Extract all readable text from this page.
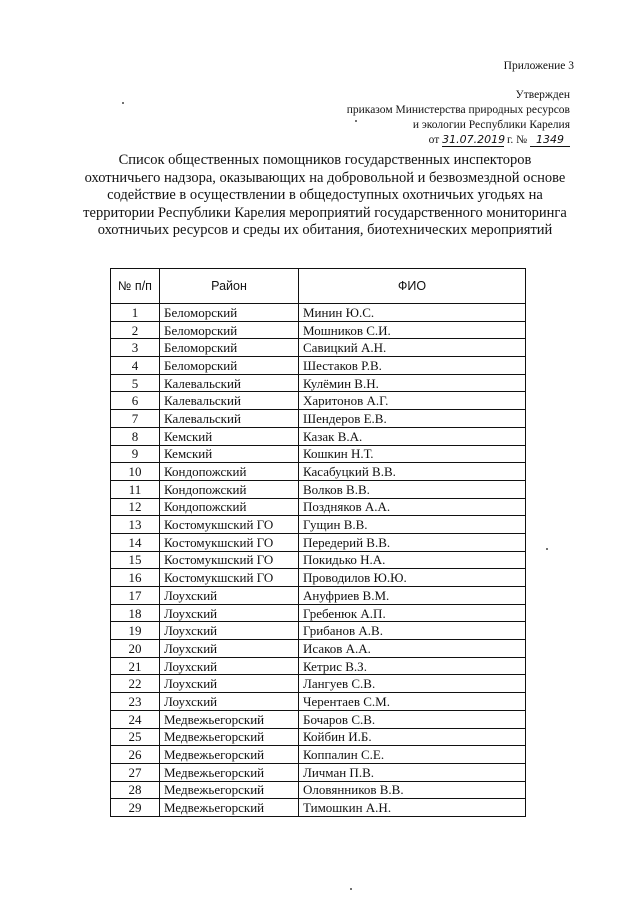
Приложение 3
Утвержден
приказом Министерства природных ресурсов
и экологии Республики Карелия
от 31.07.2019 г. № 1349
Список общественных помощников государственных инспекторов
охотничьего надзора, оказывающих на добровольной и безвозмездной основе
содействие в осуществлении в общедоступных охотничьих угодьях на
территории Республики Карелия мероприятий государственного мониторинга
охотничьих ресурсов и среды их обитания, биотехнических мероприятий
№ п/п	Район	ФИО
1	Беломорский	Минин Ю.С.
2	Беломорский	Мошников С.И.
3	Беломорский	Савицкий А.Н.
4	Беломорский	Шестаков Р.В.
5	Калевальский	Кулёмин В.Н.
6	Калевальский	Харитонов А.Г.
7	Калевальский	Шендеров Е.В.
8	Кемский	Казак В.А.
9	Кемский	Кошкин Н.Т.
10	Кондопожский	Касабуцкий В.В.
11	Кондопожский	Волков В.В.
12	Кондопожский	Поздняков А.А.
13	Костомукшский ГО	Гущин В.В.
14	Костомукшский ГО	Передерий В.В.
15	Костомукшский ГО	Покидько Н.А.
16	Костомукшский ГО	Проводилов Ю.Ю.
17	Лоухский	Ануфриев В.М.
18	Лоухский	Гребенюк А.П.
19	Лоухский	Грибанов А.В.
20	Лоухский	Исаков А.А.
21	Лоухский	Кетрис В.З.
22	Лоухский	Лангуев С.В.
23	Лоухский	Черентаев С.М.
24	Медвежьегорский	Бочаров С.В.
25	Медвежьегорский	Койбин И.Б.
26	Медвежьегорский	Коппалин С.Е.
27	Медвежьегорский	Личман П.В.
28	Медвежьегорский	Оловянников В.В.
29	Медвежьегорский	Тимошкин А.Н.
